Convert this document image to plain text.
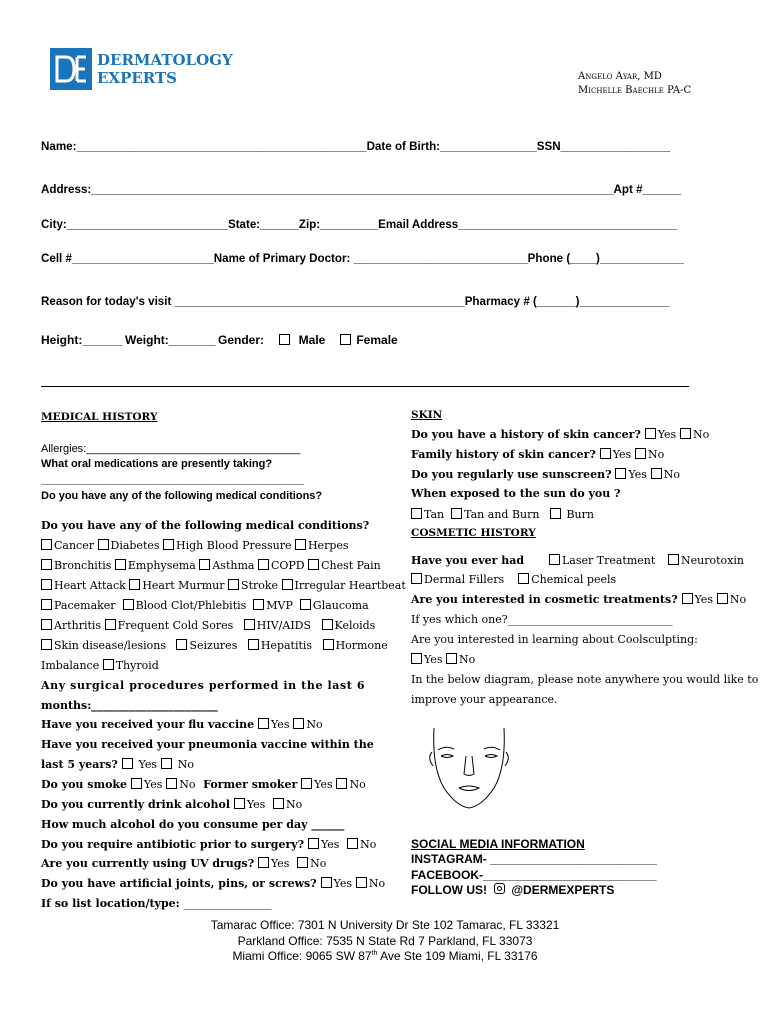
DERMATOLOGY
EXPERTS	Angelo Ayar, MD
Michelle Baechle PA-C
Name:_____________________________________________Date of Birth:_______________SSN_________________
Address:_________________________________________________________________________________Apt #______
City:_________________________State:______Zip:_________Email Address__________________________________
Cell #______________________Name of Primary Doctor: ___________________________Phone (____)_____________
Reason for today's visit _____________________________________________Pharmacy # (______)______________
Height:______ Weight:_______ Gender:	Male	Female
MEDICAL HISTORY
Allergies:___________________________________
What oral medications are presently taking?
___________________________________________
Do you have any of the following medical conditions?
Do you have any of the following medical conditions?
Cancer Diabetes High Blood Pressure Herpes
Bronchitis Emphysema Asthma COPD Chest Pain
Heart Attack Heart Murmur Stroke Irregular Heartbeat
Pacemaker Blood Clot/Phlebitis MVP Glaucoma
Arthritis Frequent Cold Sores HIV/AIDS Keloids
Skin disease/lesions Seizures Hepatitis Hormone
Imbalance Thyroid
Any surgical procedures performed in the last 6
months:_______________________
Have you received your flu vaccine Yes No
Have you received your pneumonia vaccine within the
last 5 years? Yes No
Do you smoke Yes No Former smoker Yes No
Do you currently drink alcohol Yes No
How much alcohol do you consume per day ______
Do you require antibiotic prior to surgery? Yes No
Are you currently using UV drugs? Yes No
Do you have artificial joints, pins, or screws? Yes No
If so list location/type: ________________
SKIN
Do you have a history of skin cancer? Yes No
Family history of skin cancer? Yes No
Do you regularly use sunscreen? Yes No
When exposed to the sun do you ?
Tan Tan and Burn Burn
COSMETIC HISTORY
Have you ever had	Laser Treatment	Neurotoxin
Dermal Fillers Chemical peels
Are you interested in cosmetic treatments? Yes No
If yes which one?______________________________
Are you interested in learning about Coolsculpting:
Yes No
In the below diagram, please note anywhere you would like to
improve your appearance.
SOCIAL MEDIA INFORMATION
INSTAGRAM- _________________________
FACEBOOK-__________________________
FOLLOW US! @DERMEXPERTS
Tamarac Office: 7301 N University Dr Ste 102 Tamarac, FL 33321
Parkland Office: 7535 N State Rd 7 Parkland, FL 33073
Miami Office: 9065 SW 87th Ave Ste 109 Miami, FL 33176
